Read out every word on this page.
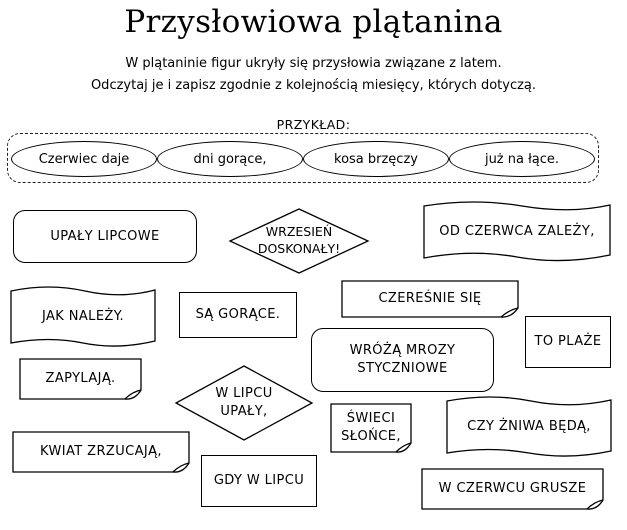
Przysłowiowa plątanina
W plątaninie figur ukryły się przysłowia związane z latem.
Odczytaj je i zapisz zgodnie z kolejnością miesięcy, których dotyczą.
PRZYKŁAD:
Czerwiec daje	dni gorące,	kosa brzęczy	już na łące.
UPAŁY LIPCOWE	WRZESIEŃ
DOSKONAŁY!
OD CZERWCA ZALEŻY,
JAK NALEŻY.	SĄ GORĄCE.
CZEREŚNIE SIĘ
TO PLAŻE
WRÓŻĄ MROZY
STYCZNIOWE
ZAPYLAJĄ.
W LIPCU
UPAŁY,	ŚWIECI
SŁOŃCE,
CZY ŻNIWA BĘDĄ,
KWIAT ZRZUCAJĄ,
GDY W LIPCU
W CZERWCU GRUSZE
